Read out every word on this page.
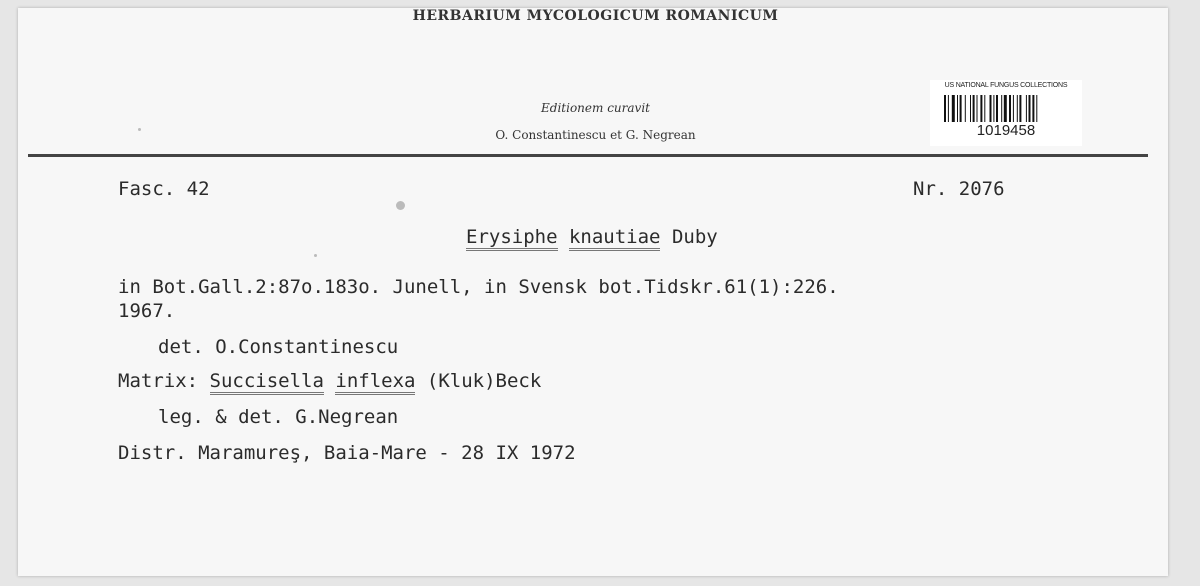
HERBARIUM MYCOLOGICUM ROMANICUM
Editionem curavit
O. Constantinescu et G. Negrean
US NATIONAL FUNGUS COLLECTIONS
1019458
Fasc. 42	Nr. 2076
Erysiphe knautiae Duby
in Bot.Gall.2:87o.183o. Junell, in Svensk bot.Tidskr.61(1):226.
1967.
det. O.Constantinescu
Matrix: Succisella inflexa (Kluk)Beck
leg. & det. G.Negrean
Distr. Maramureş, Baia-Mare - 28 IX 1972
